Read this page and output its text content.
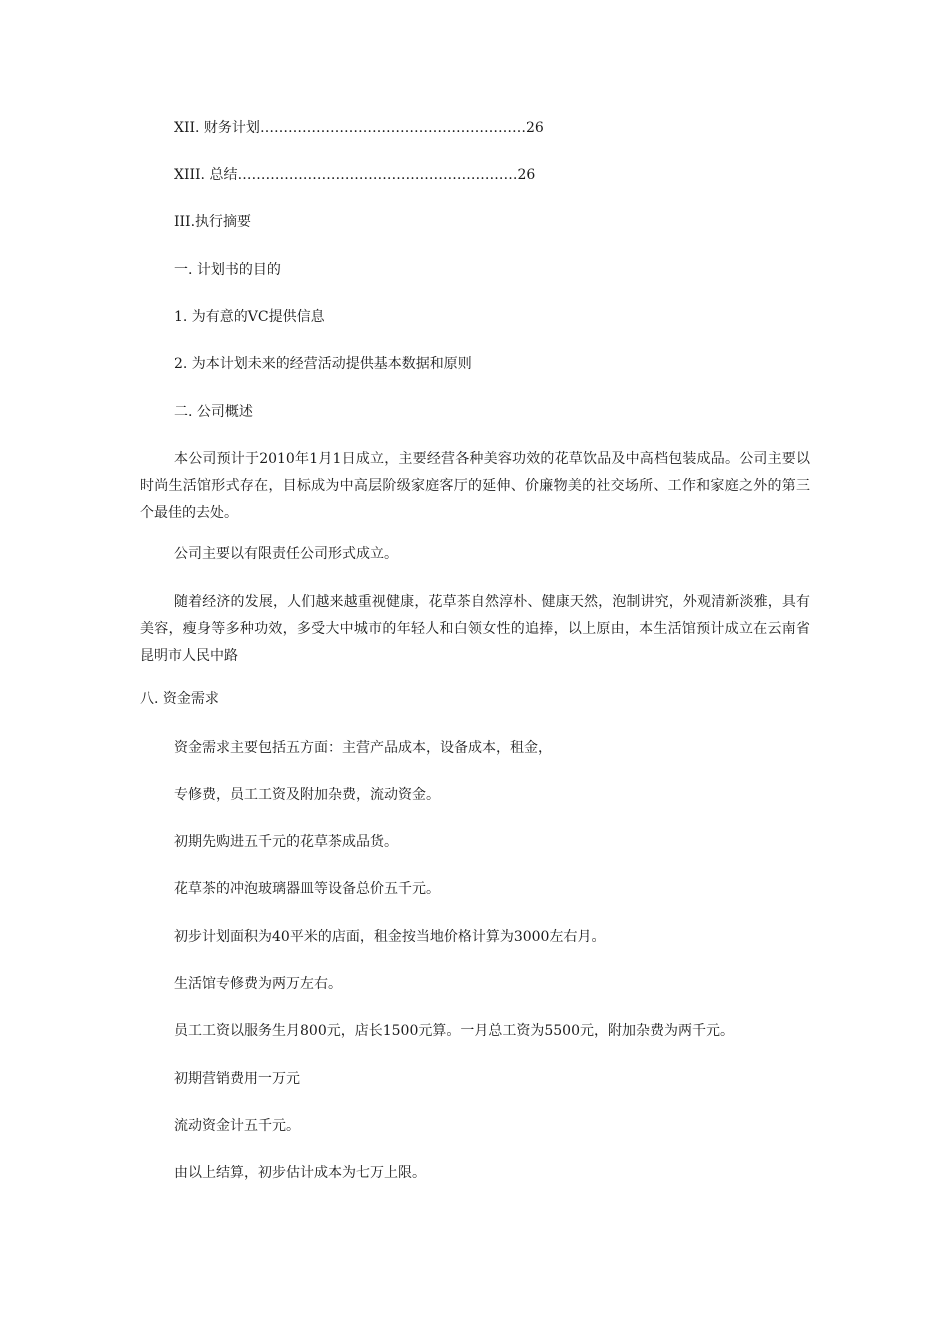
XII. 财务计划…………………………………………………26
XIII. 总结……………………………………………………26
III.执行摘要
一. 计划书的目的
1. 为有意的VC提供信息
2. 为本计划未来的经营活动提供基本数据和原则
二. 公司概述
本公司预计于2010年1月1日成立，主要经营各种美容功效的花草饮品及中高档包装成品。公司主要以时尚生活馆形式存在，目标成为中高层阶级家庭客厅的延伸、价廉物美的社交场所、工作和家庭之外的第三个最佳的去处。
公司主要以有限责任公司形式成立。
随着经济的发展，人们越来越重视健康，花草茶自然淳朴、健康天然，泡制讲究，外观清新淡雅，具有美容，瘦身等多种功效，多受大中城市的年轻人和白领女性的追捧，以上原由，本生活馆预计成立在云南省昆明市人民中路
八. 资金需求
资金需求主要包括五方面：主营产品成本，设备成本，租金，
专修费，员工工资及附加杂费，流动资金。
初期先购进五千元的花草茶成品货。
花草茶的冲泡玻璃器皿等设备总价五千元。
初步计划面积为40平米的店面，租金按当地价格计算为3000左右月。
生活馆专修费为两万左右。
员工工资以服务生月800元，店长1500元算。一月总工资为5500元，附加杂费为两千元。
初期营销费用一万元
流动资金计五千元。
由以上结算，初步估计成本为七万上限。
